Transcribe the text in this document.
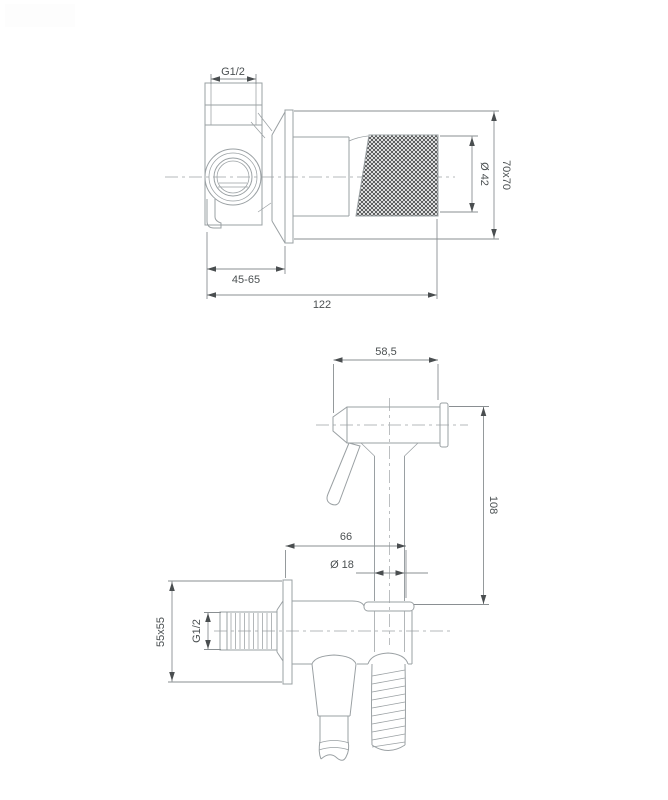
G1/2
45-65
122
Ø 42 70x70
58,5
108
66
Ø 18
G1/2
55x55
